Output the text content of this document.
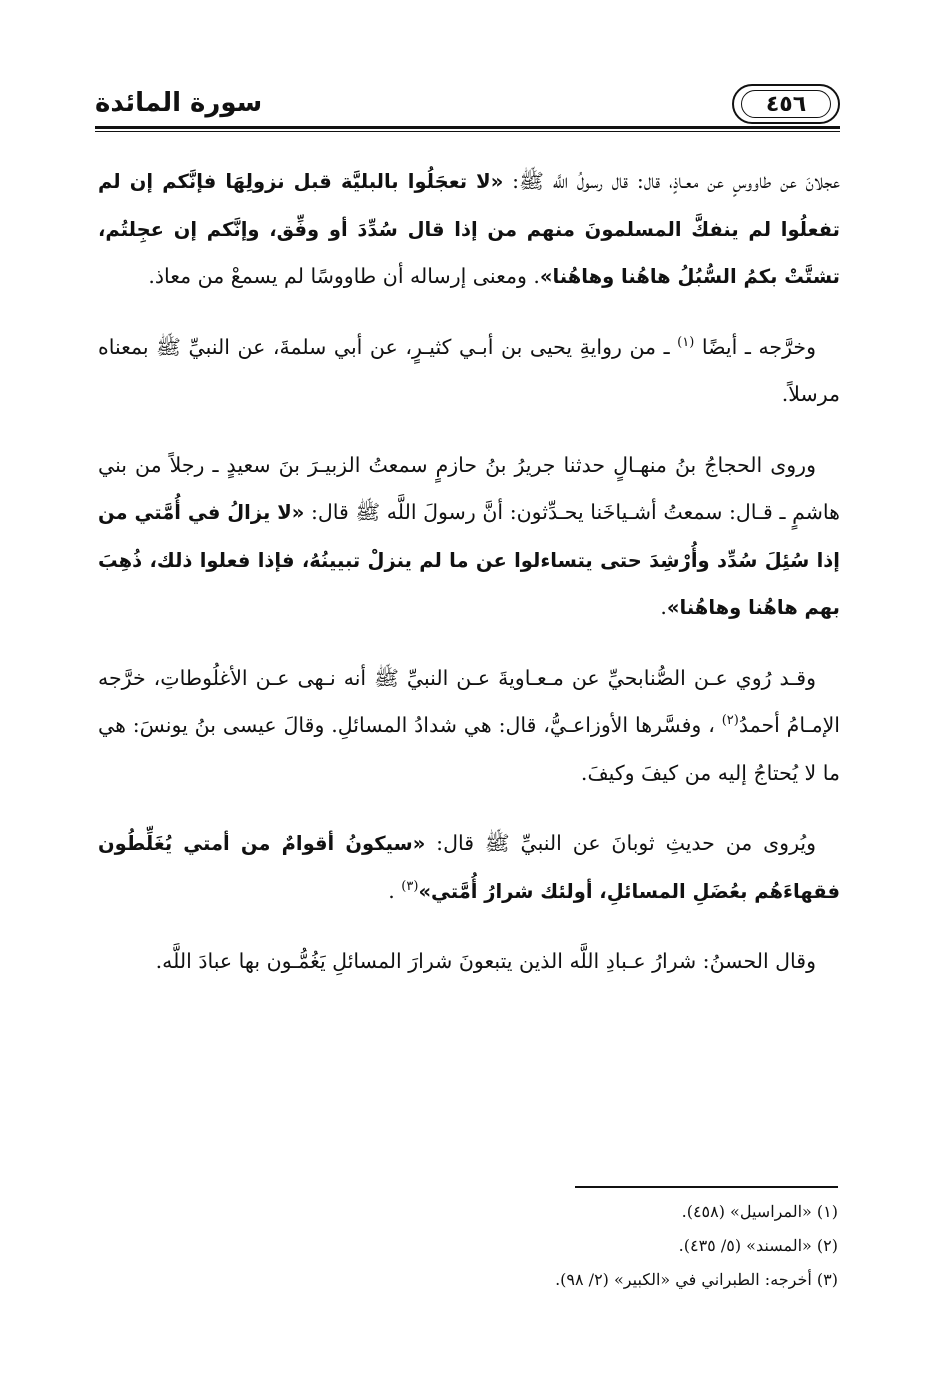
سورة المائدة	٤٥٦

عجلانَ عن طاووسٍ عن معـاذٍ، قال: قال رسولُ اللَّه ﷺ: «لا تعجَلُوا بالبليَّة قبل نزولِهَا فإنَّكم إن لم تفعلُوا لم ينفكَّ المسلمونَ منهم من إذا قال سُدِّدَ أو وفِّق، وإنَّكم إن عجِلتُم، تشتَّتْ بكمُ السُّبُلُ هاهُنا وهاهُنا». ومعنى إرساله أن طاووسًا لم يسمعْ من معاذ.

وخرَّجه ـ أيضًا $^{(١)}$ ـ من روايةِ يحيى بن أبـي كثيـرٍ، عن أبي سلمةَ، عن النبيِّ ﷺ بمعناه مرسلاً.

وروى الحجاجُ بنُ منهـالٍ حدثنا جريرُ بنُ حازمٍ سمعتُ الزبيـرَ بنَ سعيدٍ ـ رجلاً من بني هاشمٍ ـ قـال: سمعتُ أشـياخَنا يحـدِّثون: أنَّ رسولَ اللَّه ﷺ قال: «لا يزالُ في أُمَّتي من إذا سُئِلَ سُدِّد وأُرْشِدَ حتى يتساءلوا عن ما لم ينزلْ تبيينُهُ، فإذا فعلوا ذلك، ذُهِبَ بهم هاهُنا وهاهُنا».

وقـد رُوي عـن الصُّنابحيِّ عن مـعـاويةَ عـن النبيِّ ﷺ أنه نـهى عـن الأغلُوطاتِ، خرَّجه الإمـامُ أحمدُ$^{(٢)}$ ، وفسَّرها الأوزاعـيُّ، قال: هي شدادُ المسائلِ. وقالَ عيسى بنُ يونسَ: هي ما لا يُحتاجُ إليه من كيفَ وكيفَ.

ويُروى من حديثِ ثوبانَ عن النبيِّ ﷺ قال: «سيكونُ أقوامٌ من أمتي يُغَلِّطُون فقهاءَهُم بعُضَلِ المسائلِ، أولئك شرارُ أُمَّتي»$^{(٣)}$ .

وقال الحسنُ: شرارُ عـبادِ اللَّه الذين يتبعونَ شرارَ المسائلِ يَغُمُّـون بها عبادَ اللَّه.

(١) «المراسيل» (٤٥٨).

(٢) «المسند» (٥/ ٤٣٥).

(٣) أخرجه: الطبراني في «الكبير» (٢/ ٩٨).
